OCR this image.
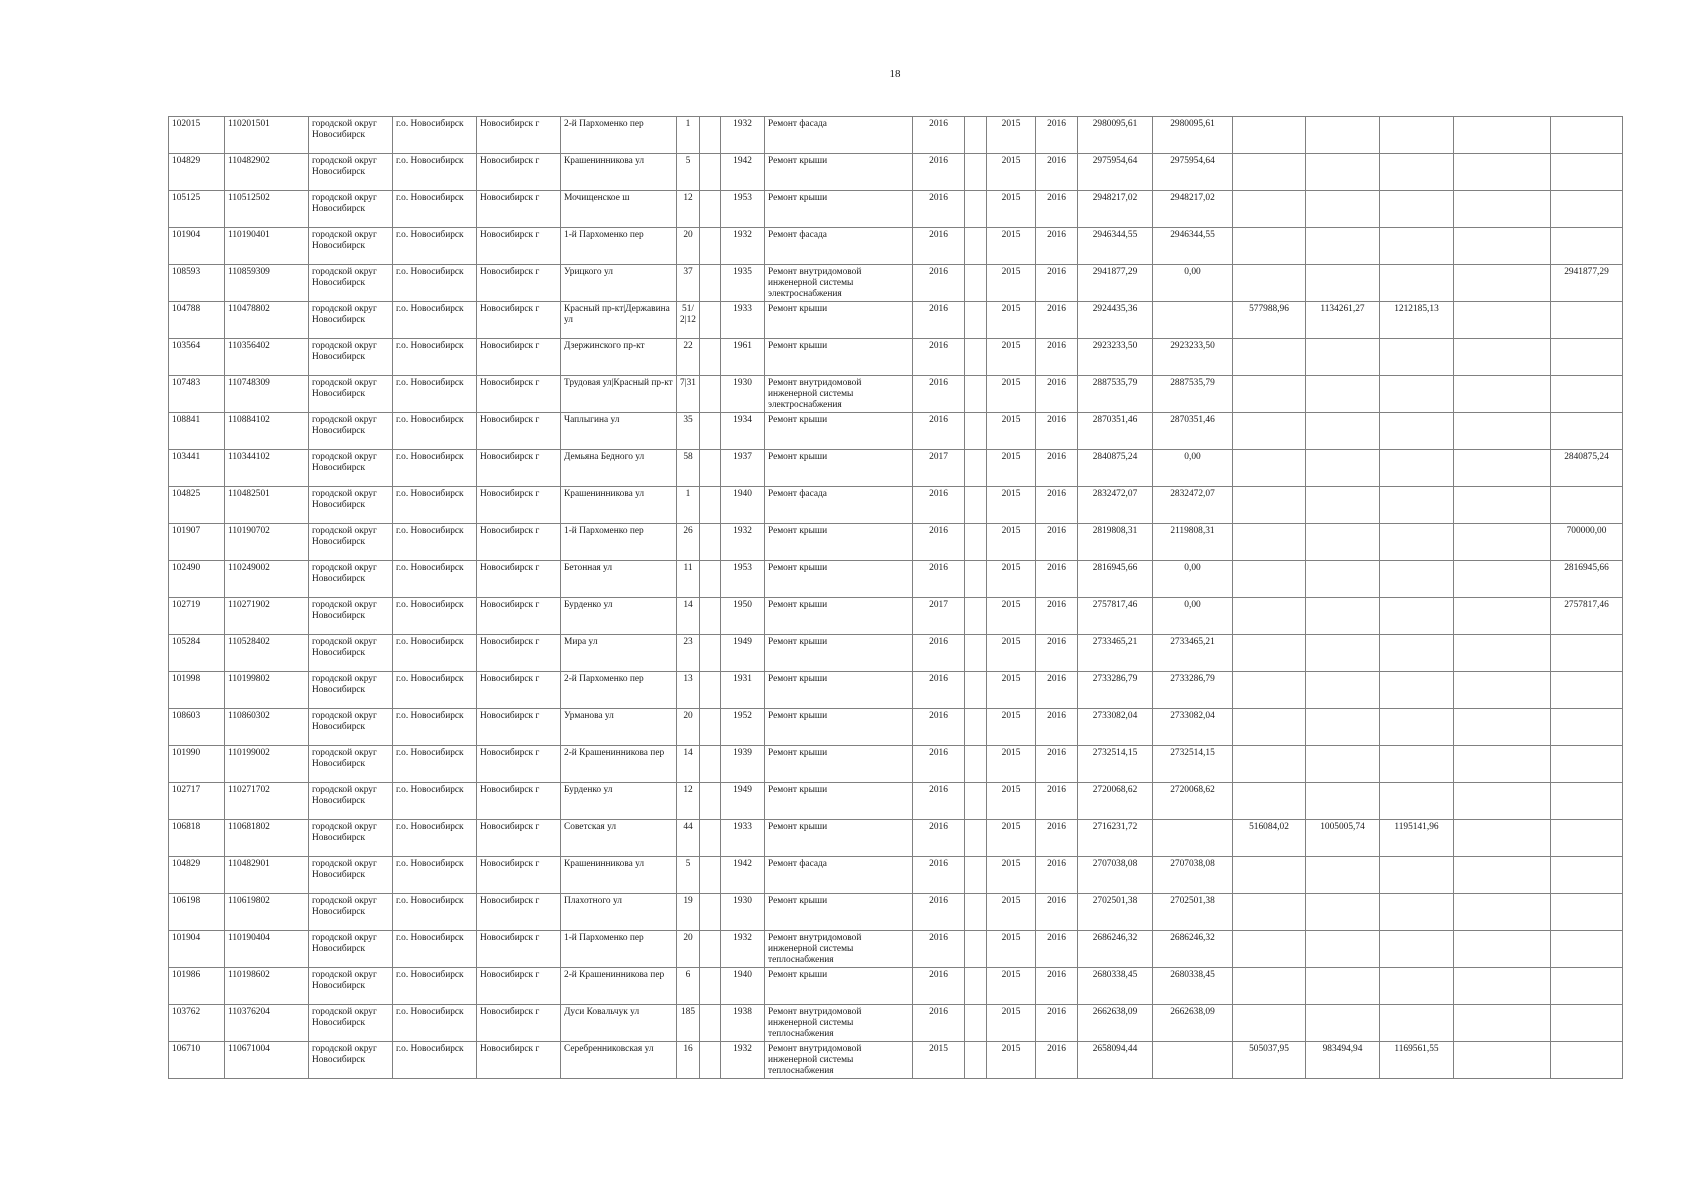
18
102015	110201501	городской округ Новосибирск	г.о. Новосибирск	Новосибирск г	2-й Пархоменко пер	1		1932	Ремонт фасада	2016		2015	2016	2980095,61	2980095,61					
104829	110482902	городской округ Новосибирск	г.о. Новосибирск	Новосибирск г	Крашенинникова ул	5		1942	Ремонт крыши	2016		2015	2016	2975954,64	2975954,64					
105125	110512502	городской округ Новосибирск	г.о. Новосибирск	Новосибирск г	Мочищенское ш	12		1953	Ремонт крыши	2016		2015	2016	2948217,02	2948217,02					
101904	110190401	городской округ Новосибирск	г.о. Новосибирск	Новосибирск г	1-й Пархоменко пер	20		1932	Ремонт фасада	2016		2015	2016	2946344,55	2946344,55					
108593	110859309	городской округ Новосибирск	г.о. Новосибирск	Новосибирск г	Урицкого ул	37		1935	Ремонт внутридомовой инженерной системы электроснабжения	2016		2015	2016	2941877,29	0,00					2941877,29
104788	110478802	городской округ Новосибирск	г.о. Новосибирск	Новосибирск г	Красный пр-кт|Державина ул	51/2|12		1933	Ремонт крыши	2016		2015	2016	2924435,36		577988,96	1134261,27	1212185,13		
103564	110356402	городской округ Новосибирск	г.о. Новосибирск	Новосибирск г	Дзержинского пр-кт	22		1961	Ремонт крыши	2016		2015	2016	2923233,50	2923233,50					
107483	110748309	городской округ Новосибирск	г.о. Новосибирск	Новосибирск г	Трудовая ул|Красный пр-кт	7|31		1930	Ремонт внутридомовой инженерной системы электроснабжения	2016		2015	2016	2887535,79	2887535,79					
108841	110884102	городской округ Новосибирск	г.о. Новосибирск	Новосибирск г	Чаплыгина ул	35		1934	Ремонт крыши	2016		2015	2016	2870351,46	2870351,46					
103441	110344102	городской округ Новосибирск	г.о. Новосибирск	Новосибирск г	Демьяна Бедного ул	58		1937	Ремонт крыши	2017		2015	2016	2840875,24	0,00					2840875,24
104825	110482501	городской округ Новосибирск	г.о. Новосибирск	Новосибирск г	Крашенинникова ул	1		1940	Ремонт фасада	2016		2015	2016	2832472,07	2832472,07					
101907	110190702	городской округ Новосибирск	г.о. Новосибирск	Новосибирск г	1-й Пархоменко пер	26		1932	Ремонт крыши	2016		2015	2016	2819808,31	2119808,31					700000,00
102490	110249002	городской округ Новосибирск	г.о. Новосибирск	Новосибирск г	Бетонная ул	11		1953	Ремонт крыши	2016		2015	2016	2816945,66	0,00					2816945,66
102719	110271902	городской округ Новосибирск	г.о. Новосибирск	Новосибирск г	Бурденко ул	14		1950	Ремонт крыши	2017		2015	2016	2757817,46	0,00					2757817,46
105284	110528402	городской округ Новосибирск	г.о. Новосибирск	Новосибирск г	Мира ул	23		1949	Ремонт крыши	2016		2015	2016	2733465,21	2733465,21					
101998	110199802	городской округ Новосибирск	г.о. Новосибирск	Новосибирск г	2-й Пархоменко пер	13		1931	Ремонт крыши	2016		2015	2016	2733286,79	2733286,79					
108603	110860302	городской округ Новосибирск	г.о. Новосибирск	Новосибирск г	Урманова ул	20		1952	Ремонт крыши	2016		2015	2016	2733082,04	2733082,04					
101990	110199002	городской округ Новосибирск	г.о. Новосибирск	Новосибирск г	2-й Крашенинникова пер	14		1939	Ремонт крыши	2016		2015	2016	2732514,15	2732514,15					
102717	110271702	городской округ Новосибирск	г.о. Новосибирск	Новосибирск г	Бурденко ул	12		1949	Ремонт крыши	2016		2015	2016	2720068,62	2720068,62					
106818	110681802	городской округ Новосибирск	г.о. Новосибирск	Новосибирск г	Советская ул	44		1933	Ремонт крыши	2016		2015	2016	2716231,72		516084,02	1005005,74	1195141,96		
104829	110482901	городской округ Новосибирск	г.о. Новосибирск	Новосибирск г	Крашенинникова ул	5		1942	Ремонт фасада	2016		2015	2016	2707038,08	2707038,08					
106198	110619802	городской округ Новосибирск	г.о. Новосибирск	Новосибирск г	Плахотного ул	19		1930	Ремонт крыши	2016		2015	2016	2702501,38	2702501,38					
101904	110190404	городской округ Новосибирск	г.о. Новосибирск	Новосибирск г	1-й Пархоменко пер	20		1932	Ремонт внутридомовой инженерной системы теплоснабжения	2016		2015	2016	2686246,32	2686246,32					
101986	110198602	городской округ Новосибирск	г.о. Новосибирск	Новосибирск г	2-й Крашенинникова пер	6		1940	Ремонт крыши	2016		2015	2016	2680338,45	2680338,45					
103762	110376204	городской округ Новосибирск	г.о. Новосибирск	Новосибирск г	Дуси Ковальчук ул	185		1938	Ремонт внутридомовой инженерной системы теплоснабжения	2016		2015	2016	2662638,09	2662638,09					
106710	110671004	городской округ Новосибирск	г.о. Новосибирск	Новосибирск г	Серебренниковская ул	16		1932	Ремонт внутридомовой инженерной системы теплоснабжения	2015		2015	2016	2658094,44		505037,95	983494,94	1169561,55		
